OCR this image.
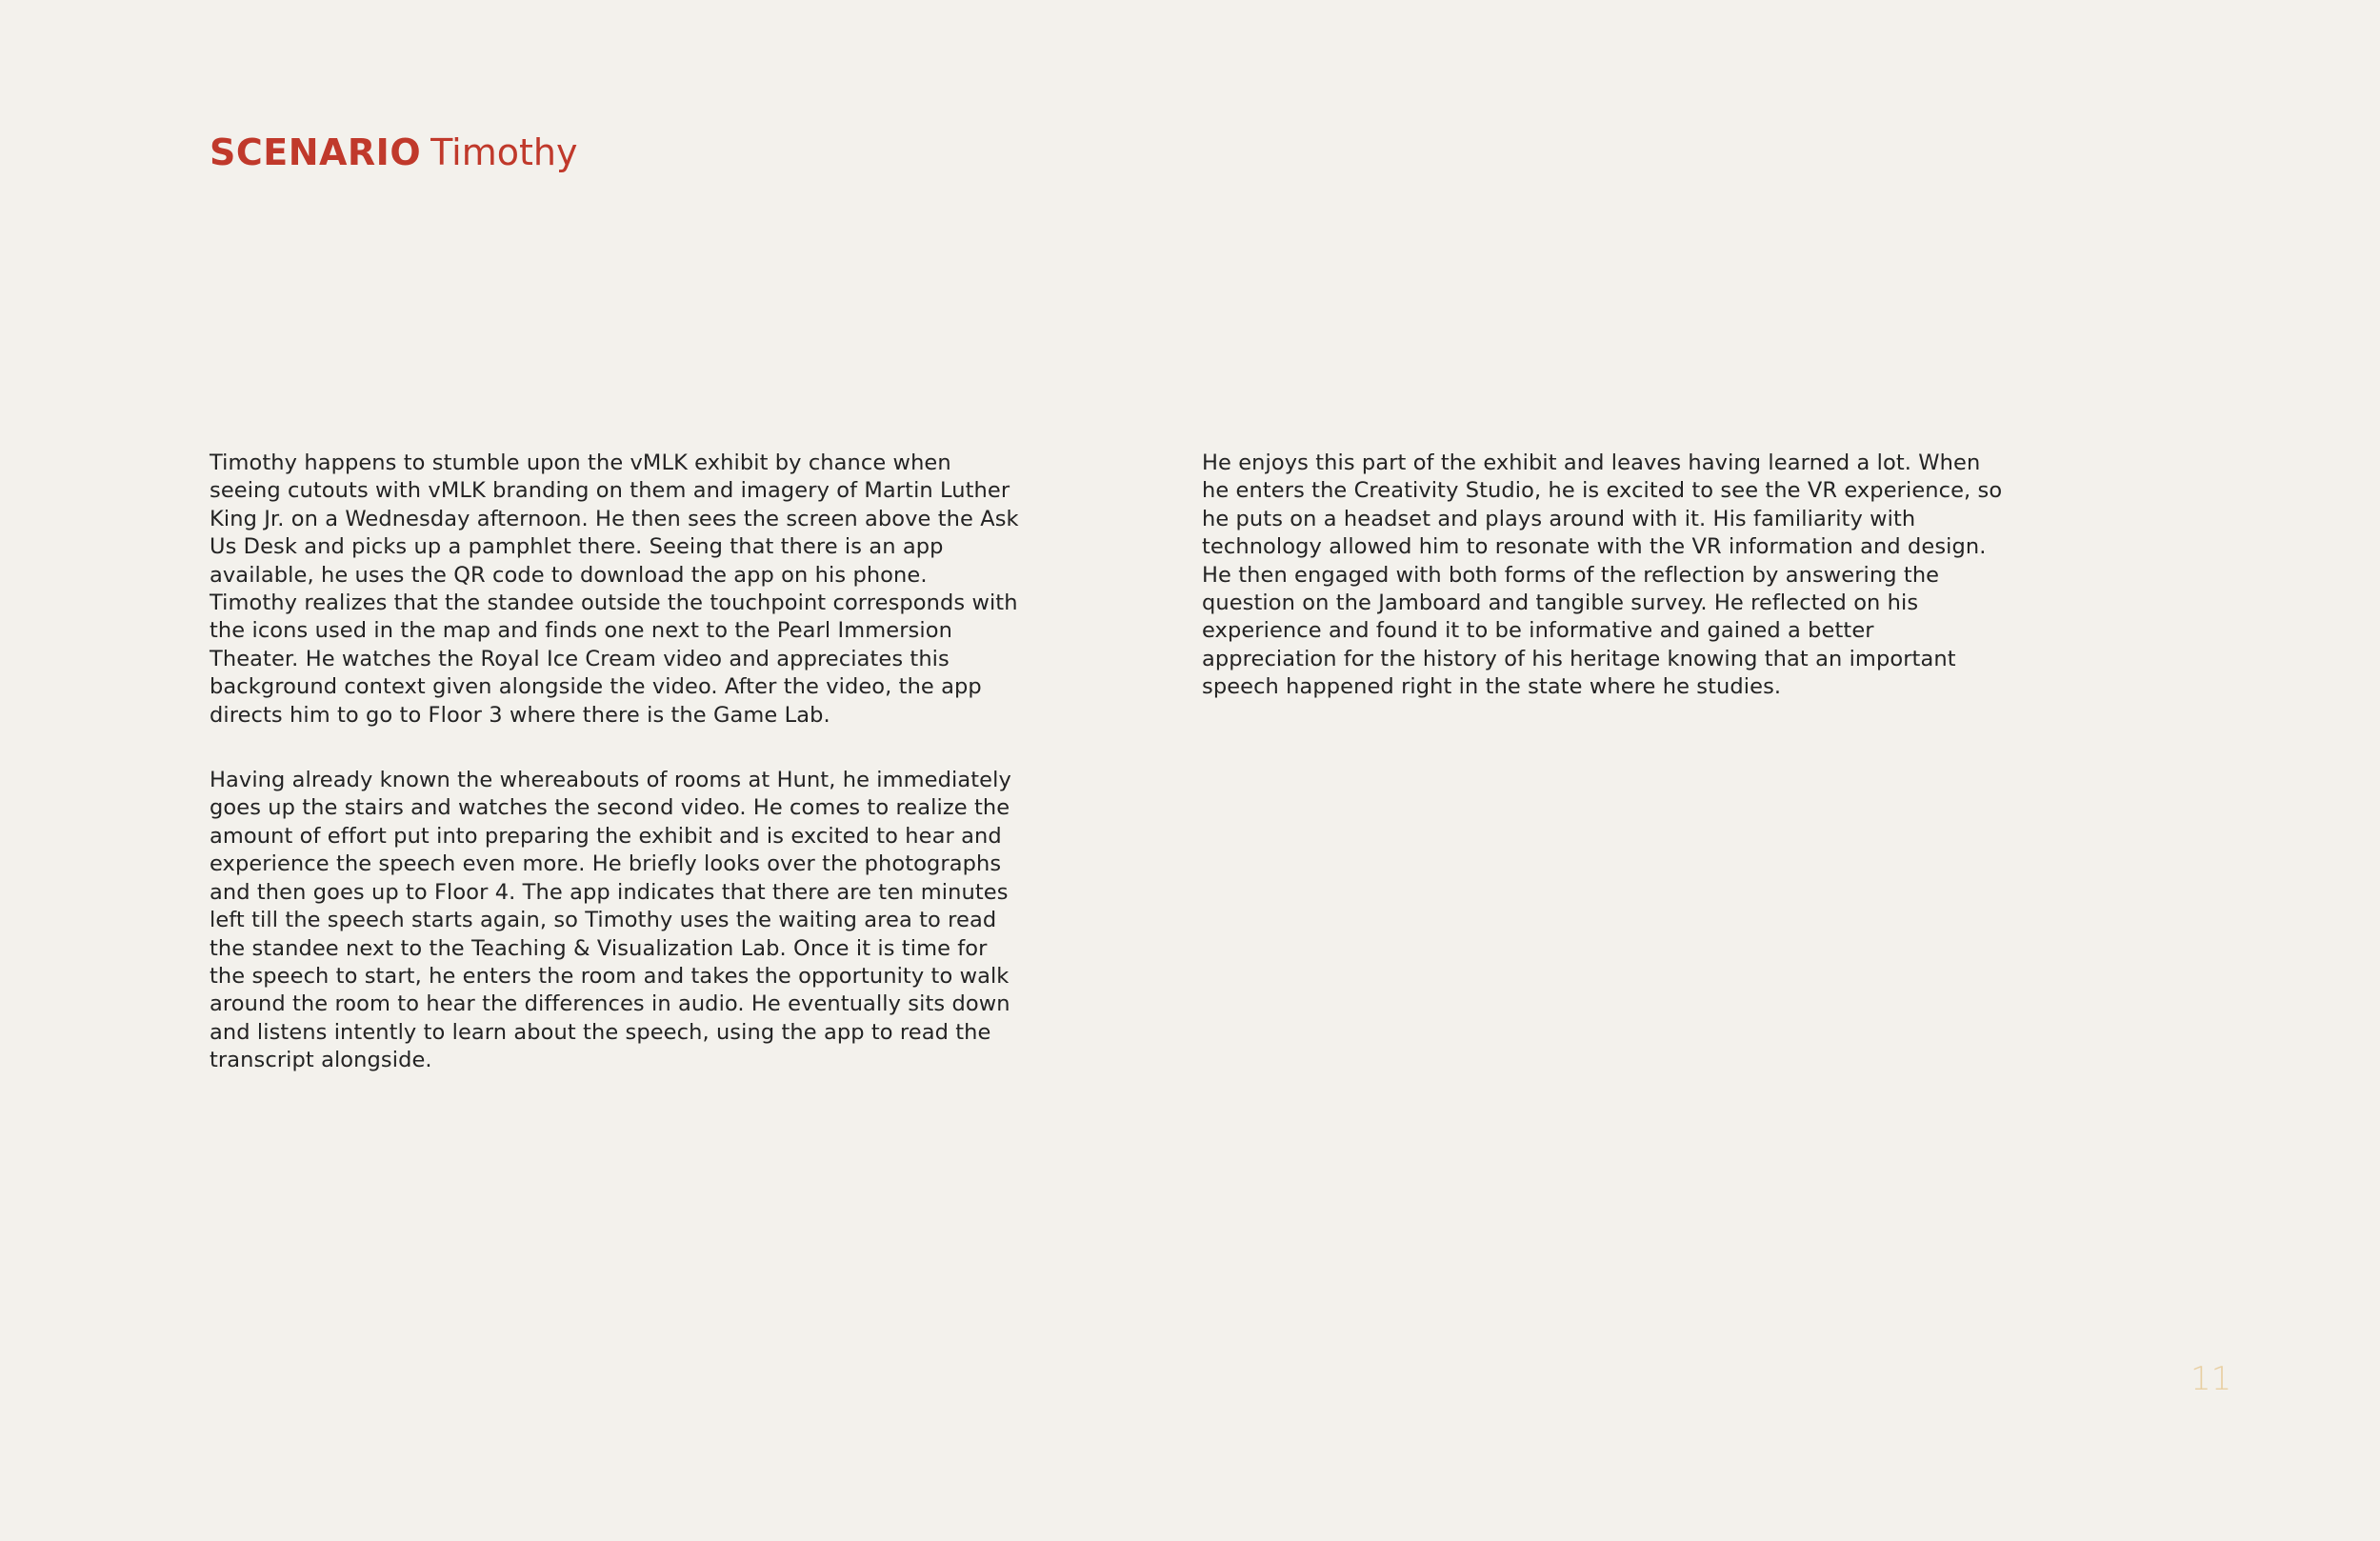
SCENARIO Timothy

Timothy happens to stumble upon the vMLK exhibit by chance when seeing cutouts with vMLK branding on them and imagery of Martin Luther King Jr. on a Wednesday afternoon. He then sees the screen above the Ask Us Desk and picks up a pamphlet there. Seeing that there is an app available, he uses the QR code to download the app on his phone. Timothy realizes that the standee outside the touchpoint corresponds with the icons used in the map and finds one next to the Pearl Immersion Theater. He watches the Royal Ice Cream video and appreciates this background context given alongside the video. After the video, the app directs him to go to Floor 3 where there is the Game Lab.

Having already known the whereabouts of rooms at Hunt, he immediately goes up the stairs and watches the second video. He comes to realize the amount of effort put into preparing the exhibit and is excited to hear and experience the speech even more. He briefly looks over the photographs and then goes up to Floor 4. The app indicates that there are ten minutes left till the speech starts again, so Timothy uses the waiting area to read the standee next to the Teaching & Visualization Lab. Once it is time for the speech to start, he enters the room and takes the opportunity to walk around the room to hear the differences in audio. He eventually sits down and listens intently to learn about the speech, using the app to read the transcript alongside.

He enjoys this part of the exhibit and leaves having learned a lot. When he enters the Creativity Studio, he is excited to see the VR experience, so he puts on a headset and plays around with it. His familiarity with technology allowed him to resonate with the VR information and design. He then engaged with both forms of the reflection by answering the question on the Jamboard and tangible survey. He reflected on his experience and found it to be informative and gained a better appreciation for the history of his heritage knowing that an important speech happened right in the state where he studies.

11
